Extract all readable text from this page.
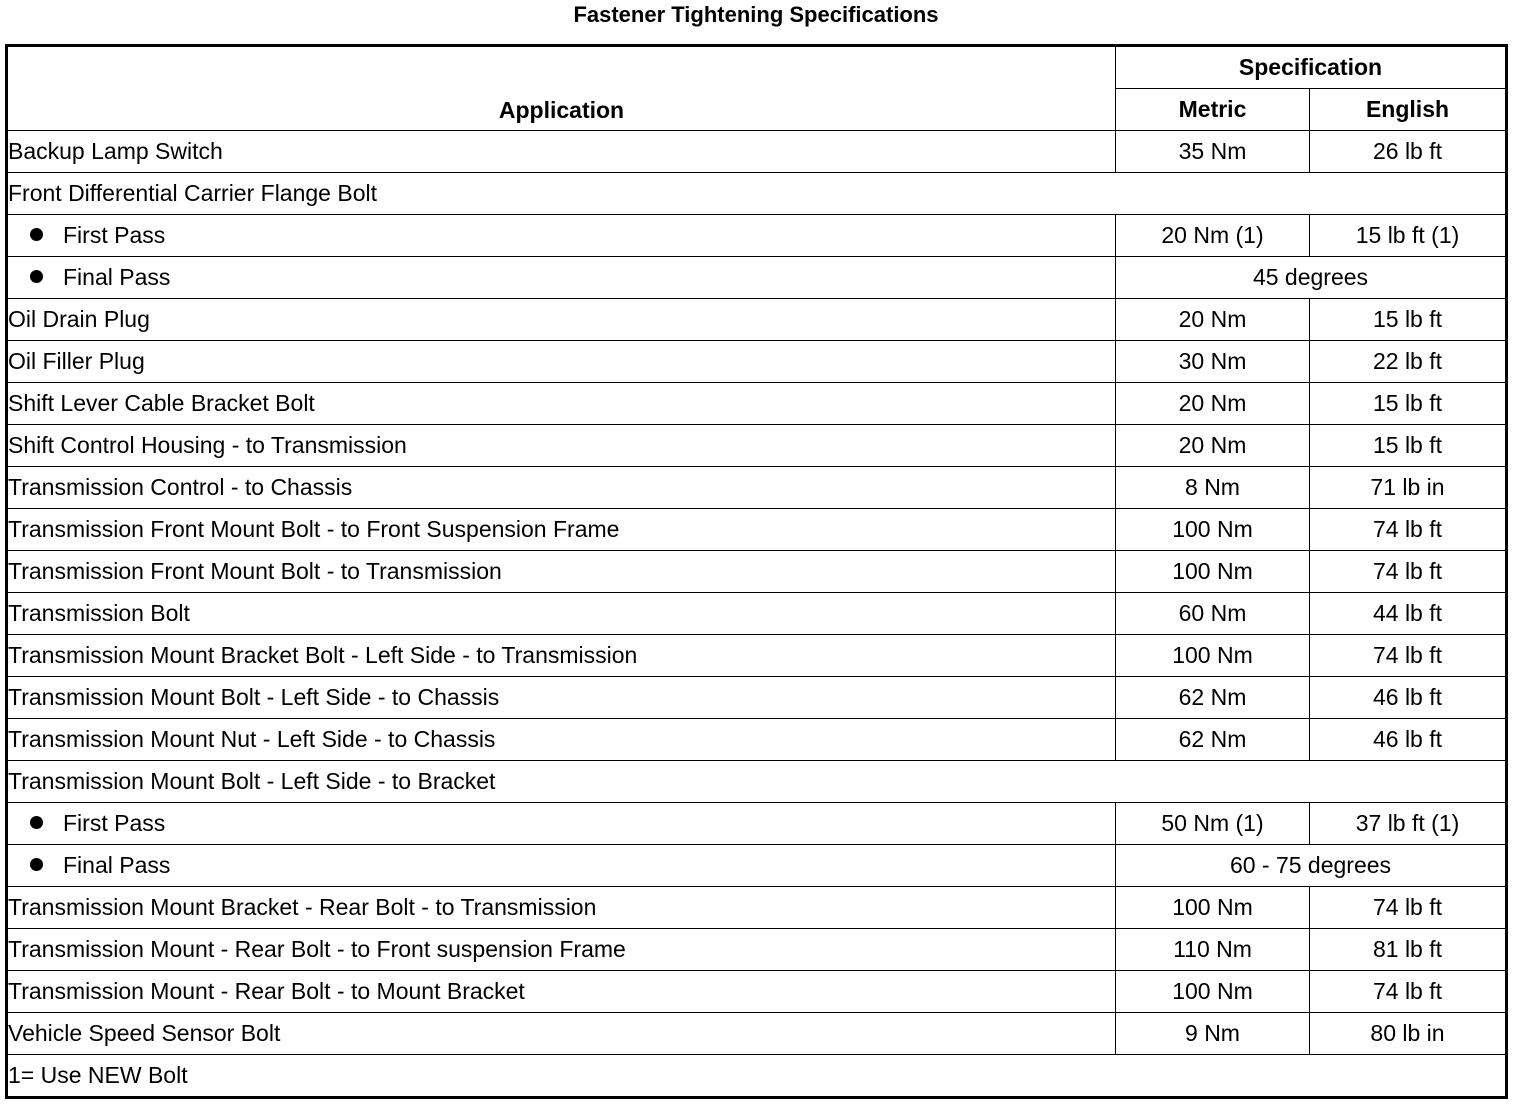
Fastener Tightening Specifications
Application	Specification	
	Metric	English
Backup Lamp Switch	35 Nm	26 lb ft
Front Differential Carrier Flange Bolt		
First Pass	20 Nm (1)	15 lb ft (1)
Final Pass	45 degrees	
Oil Drain Plug	20 Nm	15 lb ft
Oil Filler Plug	30 Nm	22 lb ft
Shift Lever Cable Bracket Bolt	20 Nm	15 lb ft
Shift Control Housing - to Transmission	20 Nm	15 lb ft
Transmission Control - to Chassis	8 Nm	71 lb in
Transmission Front Mount Bolt - to Front Suspension Frame	100 Nm	74 lb ft
Transmission Front Mount Bolt - to Transmission	100 Nm	74 lb ft
Transmission Bolt	60 Nm	44 lb ft
Transmission Mount Bracket Bolt - Left Side - to Transmission	100 Nm	74 lb ft
Transmission Mount Bolt - Left Side - to Chassis	62 Nm	46 lb ft
Transmission Mount Nut - Left Side - to Chassis	62 Nm	46 lb ft
Transmission Mount Bolt - Left Side - to Bracket		
First Pass	50 Nm (1)	37 lb ft (1)
Final Pass	60 - 75 degrees	
Transmission Mount Bracket - Rear Bolt - to Transmission	100 Nm	74 lb ft
Transmission Mount - Rear Bolt - to Front suspension Frame	110 Nm	81 lb ft
Transmission Mount - Rear Bolt - to Mount Bracket	100 Nm	74 lb ft
Vehicle Speed Sensor Bolt	9 Nm	80 lb in
1= Use NEW Bolt		
